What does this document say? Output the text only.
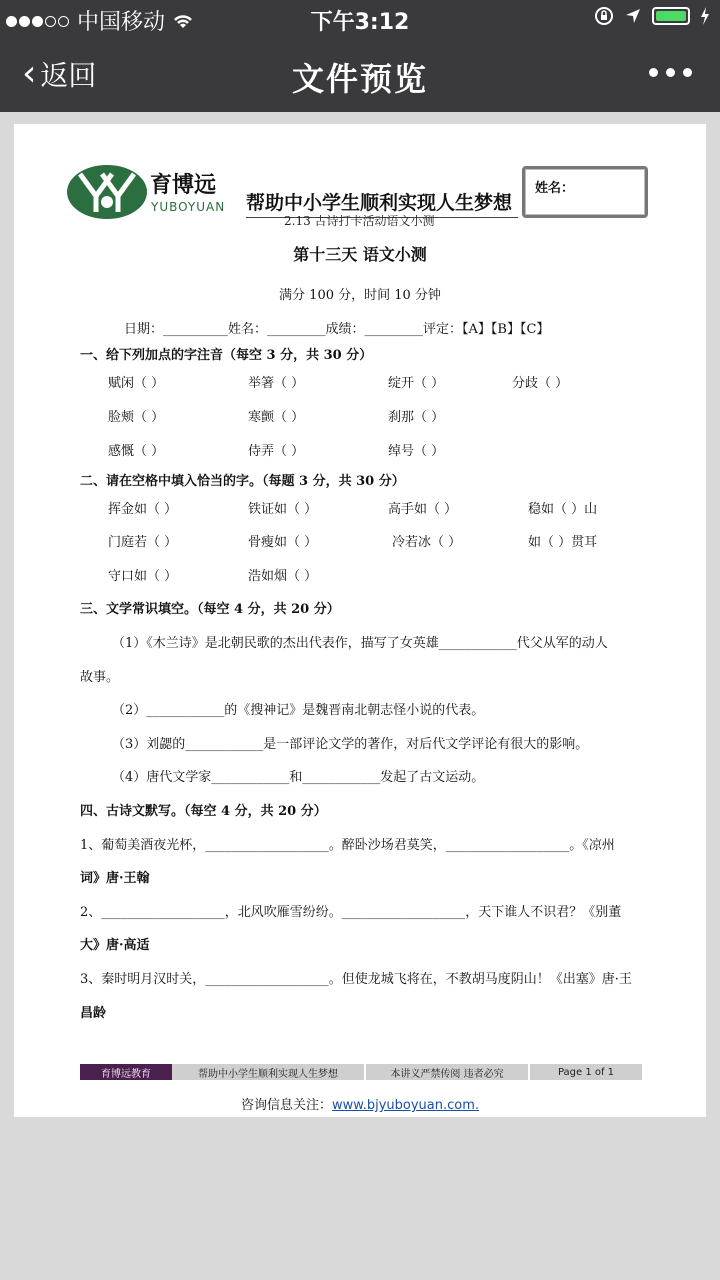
中国移动	下午3:12
‹ 返回	文件预览
育博远
YUBOYUAN 帮助中小学生顺利实现人生梦想
2.13 古诗打卡活动语文小测
姓名：
第十三天 语文小测
满分 100 分，时间 10 分钟
日期：__________姓名：_________成绩：_________评定：【A】【B】【C】
一、给下列加点的字注音（每空 3 分，共 30 分）
赋闲（ ）	举箸（ ）	绽开（ ）	分歧（ ）
脸颊（ ）	寒颤（ ）	刹那（ ）
感慨（ ）	侍弄（ ）	绰号（ ）
二、请在空格中填入恰当的字。（每题 3 分，共 30 分）
挥金如（ ）	铁证如（ ）	高手如（ ）	稳如（ ）山
门庭若（ ）	骨瘦如（ ）	冷若冰（ ）	如（ ）贯耳
守口如（ ）	浩如烟（ ）
三、文学常识填空。（每空 4 分，共 20 分）
（1）《木兰诗》是北朝民歌的杰出代表作，描写了女英雄____________代父从军的动人
故事。
（2）____________的《搜神记》是魏晋南北朝志怪小说的代表。
（3）刘勰的____________是一部评论文学的著作，对后代文学评论有很大的影响。
（4）唐代文学家____________和____________发起了古文运动。
四、古诗文默写。（每空 4 分，共 20 分）
1、葡萄美酒夜光杯，___________________。醉卧沙场君莫笑，___________________。《凉州
词》唐·王翰
2、___________________，北风吹雁雪纷纷。___________________，天下谁人不识君？《别董
大》唐·高适
3、秦时明月汉时关，___________________。但使龙城飞将在，不教胡马度阴山！《出塞》唐·王
昌龄
育博远教育	帮助中小学生顺利实现人生梦想	本讲义严禁传阅 违者必究	Page 1 of 1
咨询信息关注：www.bjyuboyuan.com.
